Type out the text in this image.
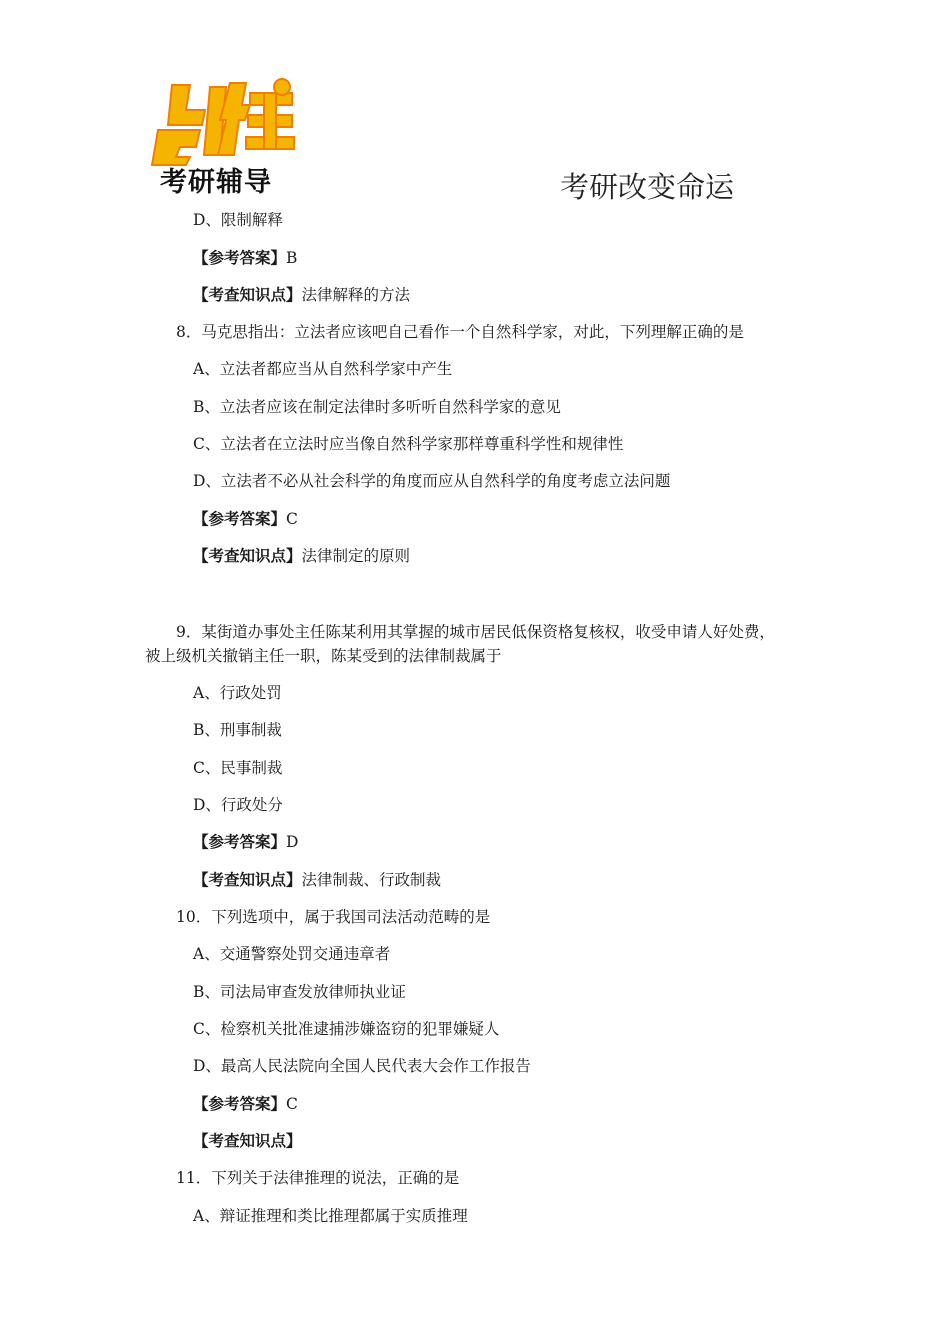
考研辅导	考研改变命运
D、限制解释
【参考答案】B
【考查知识点】法律解释的方法
8．马克思指出：立法者应该吧自己看作一个自然科学家，对此，下列理解正确的是
A、立法者都应当从自然科学家中产生
B、立法者应该在制定法律时多听听自然科学家的意见
C、立法者在立法时应当像自然科学家那样尊重科学性和规律性
D、立法者不必从社会科学的角度而应从自然科学的角度考虑立法问题
【参考答案】C
【考查知识点】法律制定的原则
9．某街道办事处主任陈某利用其掌握的城市居民低保资格复核权，收受申请人好处费，
被上级机关撤销主任一职，陈某受到的法律制裁属于
A、行政处罚
B、刑事制裁
C、民事制裁
D、行政处分
【参考答案】D
【考查知识点】法律制裁、行政制裁
10．下列选项中，属于我国司法活动范畴的是
A、交通警察处罚交通违章者
B、司法局审查发放律师执业证
C、检察机关批准逮捕涉嫌盗窃的犯罪嫌疑人
D、最高人民法院向全国人民代表大会作工作报告
【参考答案】C
【考查知识点】
11．下列关于法律推理的说法，正确的是
A、辩证推理和类比推理都属于实质推理
